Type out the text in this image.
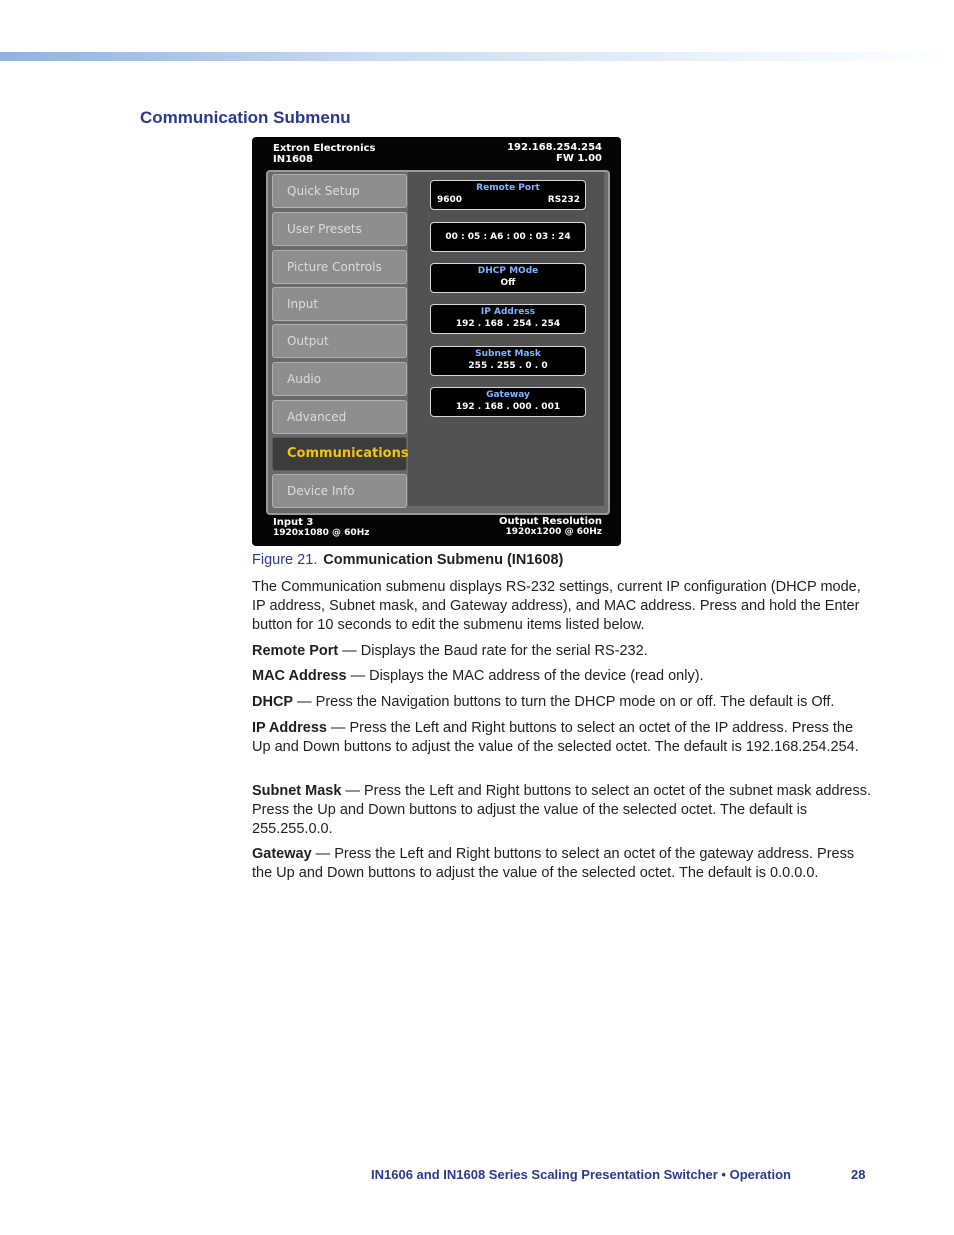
Communication Submenu
Extron Electronics
IN1608
192.168.254.254
FW 1.00
Quick Setup
User Presets
Picture Controls
Input
Output
Audio
Advanced
Communications
Device Info
Remote Port
9600	RS232
00 : 05 : A6 : 00 : 03 : 24
DHCP MOde
Off
IP Address
192 . 168 . 254 . 254
Subnet Mask
255 . 255 . 0 . 0
Gateway
192 . 168 . 000 . 001
Input 3
1920x1080 @ 60Hz
Output Resolution
1920x1200 @ 60Hz
Figure 21. Communication Submenu (IN1608)
The Communication submenu displays RS-232 settings, current IP configuration (DHCP mode, IP address, Subnet mask, and Gateway address), and MAC address. Press and hold the Enter button for 10 seconds to edit the submenu items listed below.
Remote Port — Displays the Baud rate for the serial RS-232.
MAC Address — Displays the MAC address of the device (read only).
DHCP — Press the Navigation buttons to turn the DHCP mode on or off. The default is Off.
IP Address — Press the Left and Right buttons to select an octet of the IP address. Press the Up and Down buttons to adjust the value of the selected octet. The default is 192.168.254.254.
Subnet Mask — Press the Left and Right buttons to select an octet of the subnet mask address. Press the Up and Down buttons to adjust the value of the selected octet. The default is 255.255.0.0.
Gateway — Press the Left and Right buttons to select an octet of the gateway address. Press the Up and Down buttons to adjust the value of the selected octet. The default is 0.0.0.0.
IN1606 and IN1608 Series Scaling Presentation Switcher • Operation	28
